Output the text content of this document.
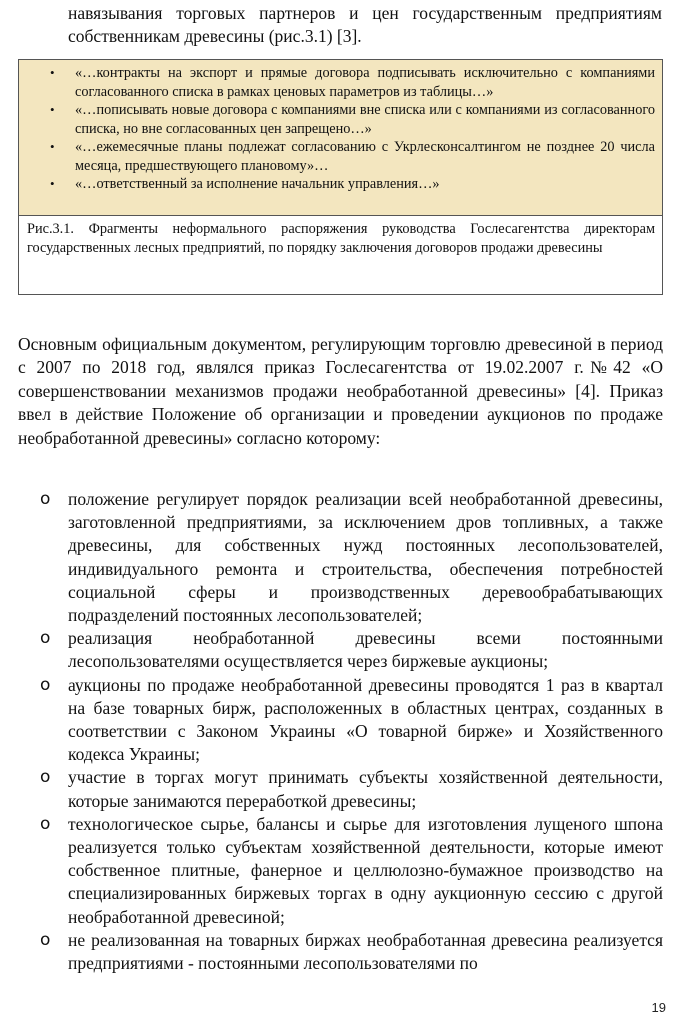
навязывания торговых партнеров и цен государственным предприятиям собственникам древесины (рис.3.1) [3].

• «…контракты на экспорт и прямые договора подписывать исключительно с компаниями согласованного списка в рамках ценовых параметров из таблицы…»
• «…пописывать новые договора с компаниями вне списка или с компаниями из согласованного списка, но вне согласованных цен запрещено…»
• «…ежемесячные планы подлежат согласованию с Укрлесконсалтингом не позднее 20 числа месяца, предшествующего плановому»…
• «…ответственный за исполнение начальник управления…»
Рис.3.1. Фрагменты неформального распоряжения руководства Гослесагентства директорам государственных лесных предприятий, по порядку заключения договоров продажи древесины

Основным официальным документом, регулирующим торговлю древесиной в период с 2007 по 2018 год, являлся приказ Гослесагентства от 19.02.2007 г.№42 «О совершенствовании механизмов продажи необработанной древесины» [4]. Приказ ввел в действие Положение об организации и проведении аукционов по продаже необработанной древесины» согласно которому:

o положение регулирует порядок реализации всей необработанной древесины, заготовленной предприятиями, за исключением дров топливных, а также древесины, для собственных нужд постоянных лесопользователей, индивидуального ремонта и строительства, обеспечения потребностей социальной сферы и производственных деревообрабатывающих подразделений постоянных лесопользователей;
o реализация необработанной древесины всеми постоянными лесопользователями осуществляется через биржевые аукционы;
o аукционы по продаже необработанной древесины проводятся 1 раз в квартал на базе товарных бирж, расположенных в областных центрах, созданных в соответствии с Законом Украины «О товарной бирже» и Хозяйственного кодекса Украины;
o участие в торгах могут принимать субъекты хозяйственной деятельности, которые занимаются переработкой древесины;
o технологическое сырье, балансы и сырье для изготовления лущеного шпона реализуется только субъектам хозяйственной деятельности, которые имеют собственное плитные, фанерное и целлюлозно-бумажное производство на специализированных биржевых торгах в одну аукционную сессию с другой необработанной древесиной;
o не реализованная на товарных биржах необработанная древесина реализуется предприятиями - постоянными лесопользователями по
19
